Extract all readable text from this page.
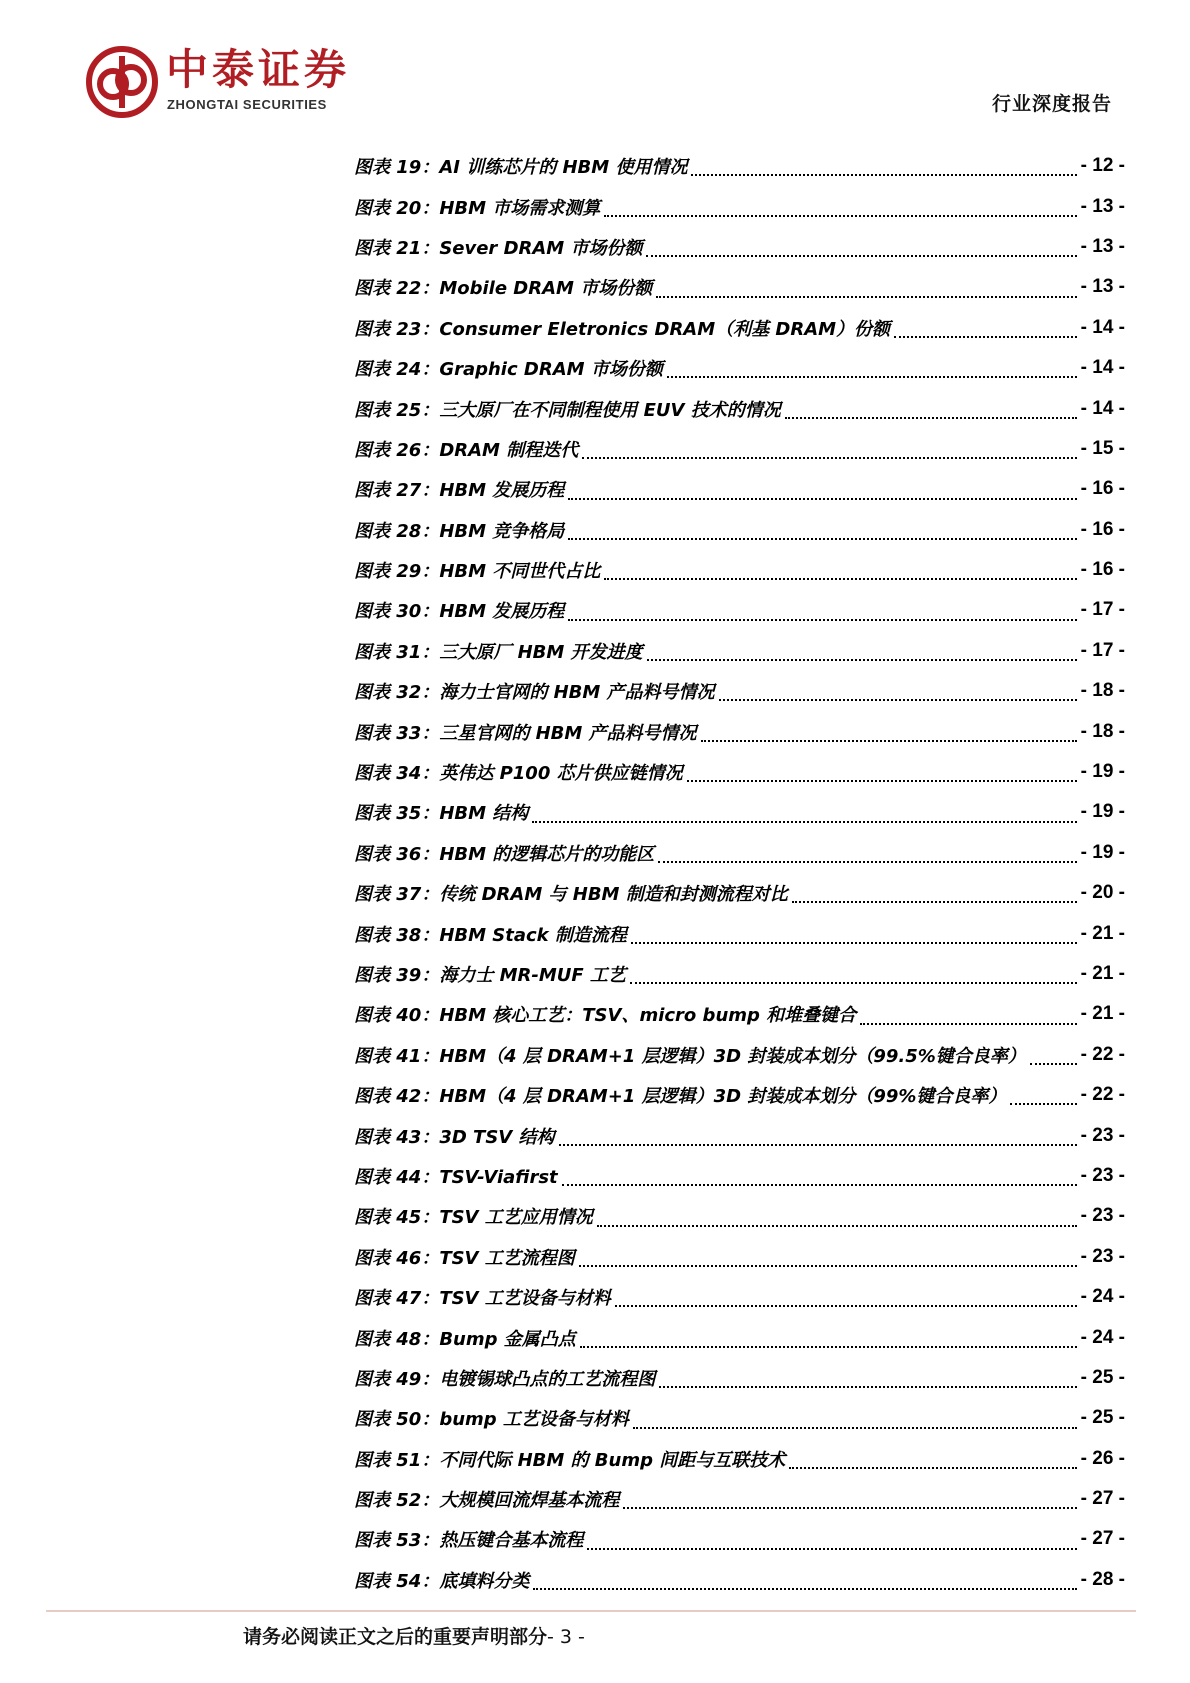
中泰证券
ZHONGTAI SECURITIES	行业深度报告
图表 19：AI 训练芯片的 HBM 使用情况	- 12 -
图表 20：HBM 市场需求测算	- 13 -
图表 21：Sever DRAM 市场份额	- 13 -
图表 22：Mobile DRAM 市场份额	- 13 -
图表 23：Consumer Eletronics DRAM（利基 DRAM）份额	- 14 -
图表 24：Graphic DRAM 市场份额	- 14 -
图表 25：三大原厂在不同制程使用 EUV 技术的情况	- 14 -
图表 26：DRAM 制程迭代	- 15 -
图表 27：HBM 发展历程	- 16 -
图表 28：HBM 竞争格局	- 16 -
图表 29：HBM 不同世代占比	- 16 -
图表 30：HBM 发展历程	- 17 -
图表 31：三大原厂 HBM 开发进度	- 17 -
图表 32：海力士官网的 HBM 产品料号情况	- 18 -
图表 33：三星官网的 HBM 产品料号情况	- 18 -
图表 34：英伟达 P100 芯片供应链情况	- 19 -
图表 35：HBM 结构	- 19 -
图表 36：HBM 的逻辑芯片的功能区	- 19 -
图表 37：传统 DRAM 与 HBM 制造和封测流程对比	- 20 -
图表 38：HBM Stack 制造流程	- 21 -
图表 39：海力士 MR-MUF 工艺	- 21 -
图表 40：HBM 核心工艺：TSV、micro bump 和堆叠键合	- 21 -
图表 41：HBM（4 层 DRAM+1 层逻辑）3D 封装成本划分（99.5%键合良率）	- 22 -
图表 42：HBM（4 层 DRAM+1 层逻辑）3D 封装成本划分（99%键合良率）	- 22 -
图表 43：3D TSV 结构	- 23 -
图表 44：TSV-Viafirst	- 23 -
图表 45：TSV 工艺应用情况	- 23 -
图表 46：TSV 工艺流程图	- 23 -
图表 47：TSV 工艺设备与材料	- 24 -
图表 48：Bump 金属凸点	- 24 -
图表 49：电镀锡球凸点的工艺流程图	- 25 -
图表 50：bump 工艺设备与材料	- 25 -
图表 51：不同代际 HBM 的 Bump 间距与互联技术	- 26 -
图表 52：大规模回流焊基本流程	- 27 -
图表 53：热压键合基本流程	- 27 -
图表 54：底填料分类	- 28 -
请务必阅读正文之后的重要声明部分- 3 -
